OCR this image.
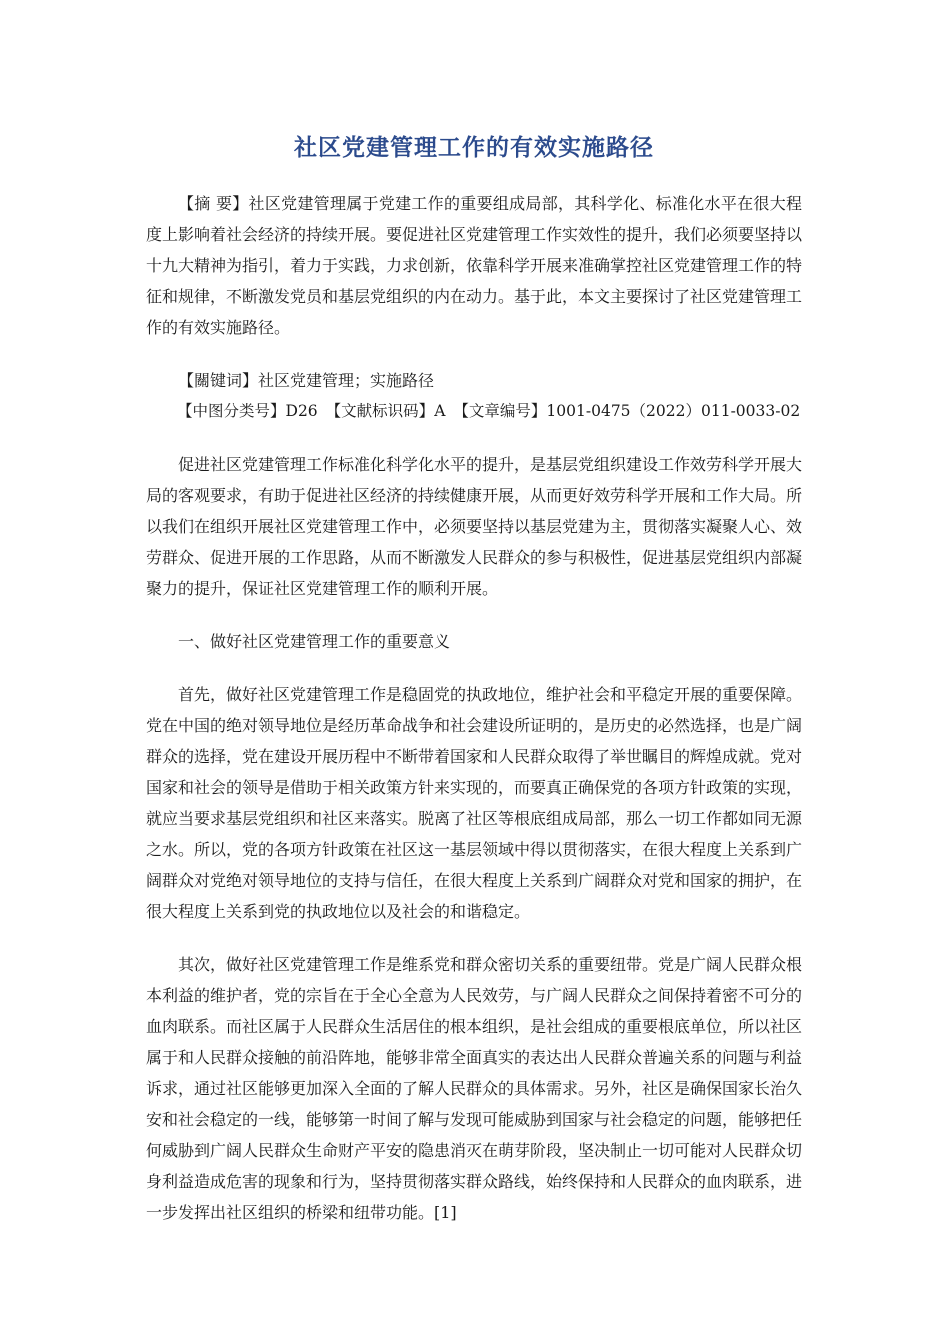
社区党建管理工作的有效实施路径

【摘 要】社区党建管理属于党建工作的重要组成局部，其科学化、标准化水平在很大程度上影响着社会经济的持续开展。要促进社区党建管理工作实效性的提升，我们必须要坚持以十九大精神为指引，着力于实践，力求创新，依靠科学开展来准确掌控社区党建管理工作的特征和规律，不断激发党员和基层党组织的内在动力。基于此，本文主要探讨了社区党建管理工作的有效实施路径。

【關键词】社区党建管理；实施路径

【中图分类号】D26 【文献标识码】A 【文章编号】1001-0475（2022）011-0033-02

促进社区党建管理工作标准化科学化水平的提升，是基层党组织建设工作效劳科学开展大局的客观要求，有助于促进社区经济的持续健康开展，从而更好效劳科学开展和工作大局。所以我们在组织开展社区党建管理工作中，必须要坚持以基层党建为主，贯彻落实凝聚人心、效劳群众、促进开展的工作思路，从而不断激发人民群众的参与积极性，促进基层党组织内部凝聚力的提升，保证社区党建管理工作的顺利开展。

一、做好社区党建管理工作的重要意义

首先，做好社区党建管理工作是稳固党的执政地位，维护社会和平稳定开展的重要保障。党在中国的绝对领导地位是经历革命战争和社会建设所证明的，是历史的必然选择，也是广阔群众的选择，党在建设开展历程中不断带着国家和人民群众取得了举世瞩目的辉煌成就。党对国家和社会的领导是借助于相关政策方针来实现的，而要真正确保党的各项方针政策的实现，就应当要求基层党组织和社区来落实。脱离了社区等根底组成局部，那么一切工作都如同无源之水。所以，党的各项方针政策在社区这一基层领域中得以贯彻落实，在很大程度上关系到广阔群众对党绝对领导地位的支持与信任，在很大程度上关系到广阔群众对党和国家的拥护，在很大程度上关系到党的执政地位以及社会的和谐稳定。

其次，做好社区党建管理工作是维系党和群众密切关系的重要纽带。党是广阔人民群众根本利益的维护者，党的宗旨在于全心全意为人民效劳，与广阔人民群众之间保持着密不可分的血肉联系。而社区属于人民群众生活居住的根本组织，是社会组成的重要根底单位，所以社区属于和人民群众接触的前沿阵地，能够非常全面真实的表达出人民群众普遍关系的问题与利益诉求，通过社区能够更加深入全面的了解人民群众的具体需求。另外，社区是确保国家长治久安和社会稳定的一线，能够第一时间了解与发现可能威胁到国家与社会稳定的问题，能够把任何威胁到广阔人民群众生命财产平安的隐患消灭在萌芽阶段，坚决制止一切可能对人民群众切身利益造成危害的现象和行为，坚持贯彻落实群众路线，始终保持和人民群众的血肉联系，进一步发挥出社区组织的桥梁和纽带功能。[1]
